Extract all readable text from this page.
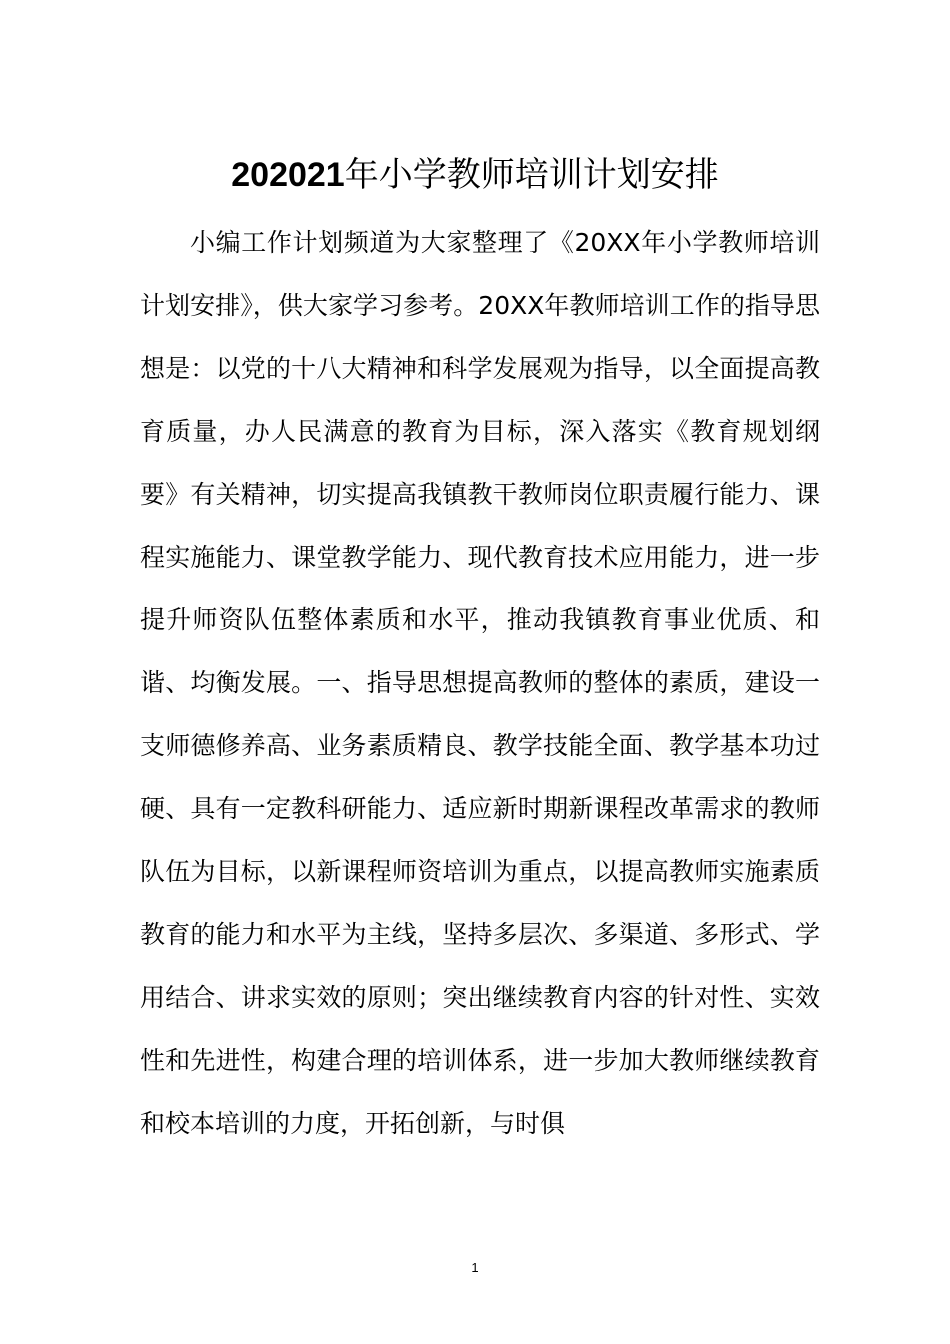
202021年小学教师培训计划安排

小编工作计划频道为大家整理了《20XX年小学教师培训计划安排》，供大家学习参考。20XX年教师培训工作的指导思想是：以党的十八大精神和科学发展观为指导，以全面提高教育质量，办人民满意的教育为目标，深入落实《教育规划纲要》有关精神，切实提高我镇教干教师岗位职责履行能力、课程实施能力、课堂教学能力、现代教育技术应用能力，进一步提升师资队伍整体素质和水平，推动我镇教育事业优质、和谐、均衡发展。一、指导思想提高教师的整体的素质，建设一支师德修养高、业务素质精良、教学技能全面、教学基本功过硬、具有一定教科研能力、适应新时期新课程改革需求的教师队伍为目标，以新课程师资培训为重点，以提高教师实施素质教育的能力和水平为主线，坚持多层次、多渠道、多形式、学用结合、讲求实效的原则；突出继续教育内容的针对性、实效性和先进性，构建合理的培训体系，进一步加大教师继续教育和校本培训的力度，开拓创新，与时俱

1
